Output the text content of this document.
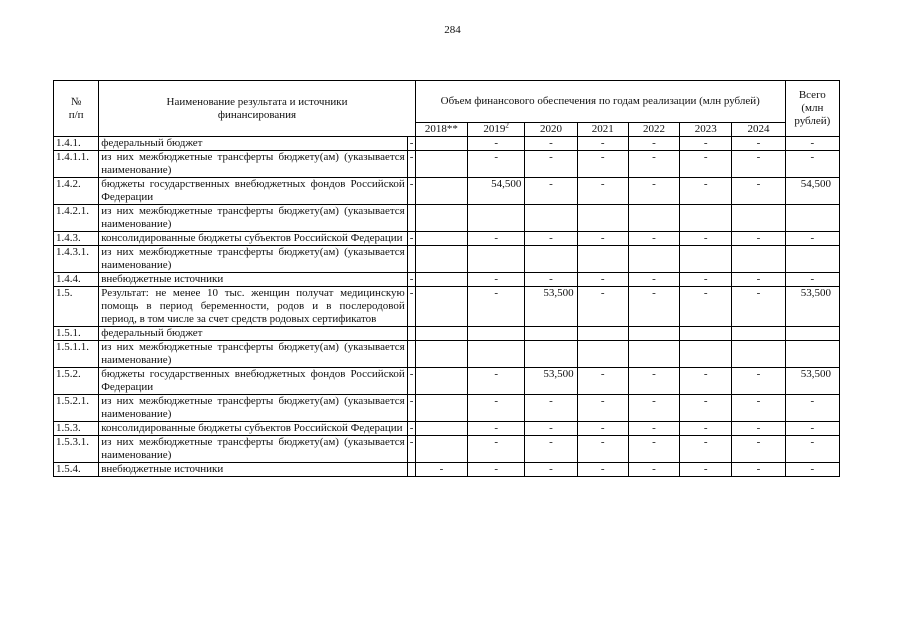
284
№
п/п	Наименование результата и источники финансирования		Объем финансового обеспечения по годам реализации (млн рублей)							Всего (млн рублей)
			2018**	2019$^2$	2020	2021	2022	2023	2024	
1.4.1.	федеральный бюджет	-		-	-	-	-	-	-	-
1.4.1.1.	из них межбюджетные трансферты бюджету(ам) (указывается наименование)	-		-	-	-	-	-	-	-
1.4.2.	бюджеты государственных внебюджетных фондов Российской Федерации	-		54,500	-	-	-	-	-	54,500
1.4.2.1.	из них межбюджетные трансферты бюджету(ам) (указывается наименование)									
1.4.3.	консолидированные бюджеты субъектов Российской Федерации	-		-	-	-	-	-	-	-
1.4.3.1.	из них межбюджетные трансферты бюджету(ам) (указывается наименование)									
1.4.4.	внебюджетные источники	-		-	-	-	-	-	-	-
1.5.	Результат: не менее 10 тыс. женщин получат медицинскую помощь в период беременности, родов и в послеродовой период, в том числе за счет средств родовых сертификатов	-		-	53,500	-	-	-	-	53,500
1.5.1.	федеральный бюджет									
1.5.1.1.	из них межбюджетные трансферты бюджету(ам) (указывается наименование)									
1.5.2.	бюджеты государственных внебюджетных фондов Российской Федерации	-		-	53,500	-	-	-	-	53,500
1.5.2.1.	из них межбюджетные трансферты бюджету(ам) (указывается наименование)	-		-	-	-	-	-	-	-
1.5.3.	консолидированные бюджеты субъектов Российской Федерации	-		-	-	-	-	-	-	-
1.5.3.1.	из них межбюджетные трансферты бюджету(ам) (указывается наименование)	-		-	-	-	-	-	-	-
1.5.4.	внебюджетные источники		-	-	-	-	-	-	-	-
